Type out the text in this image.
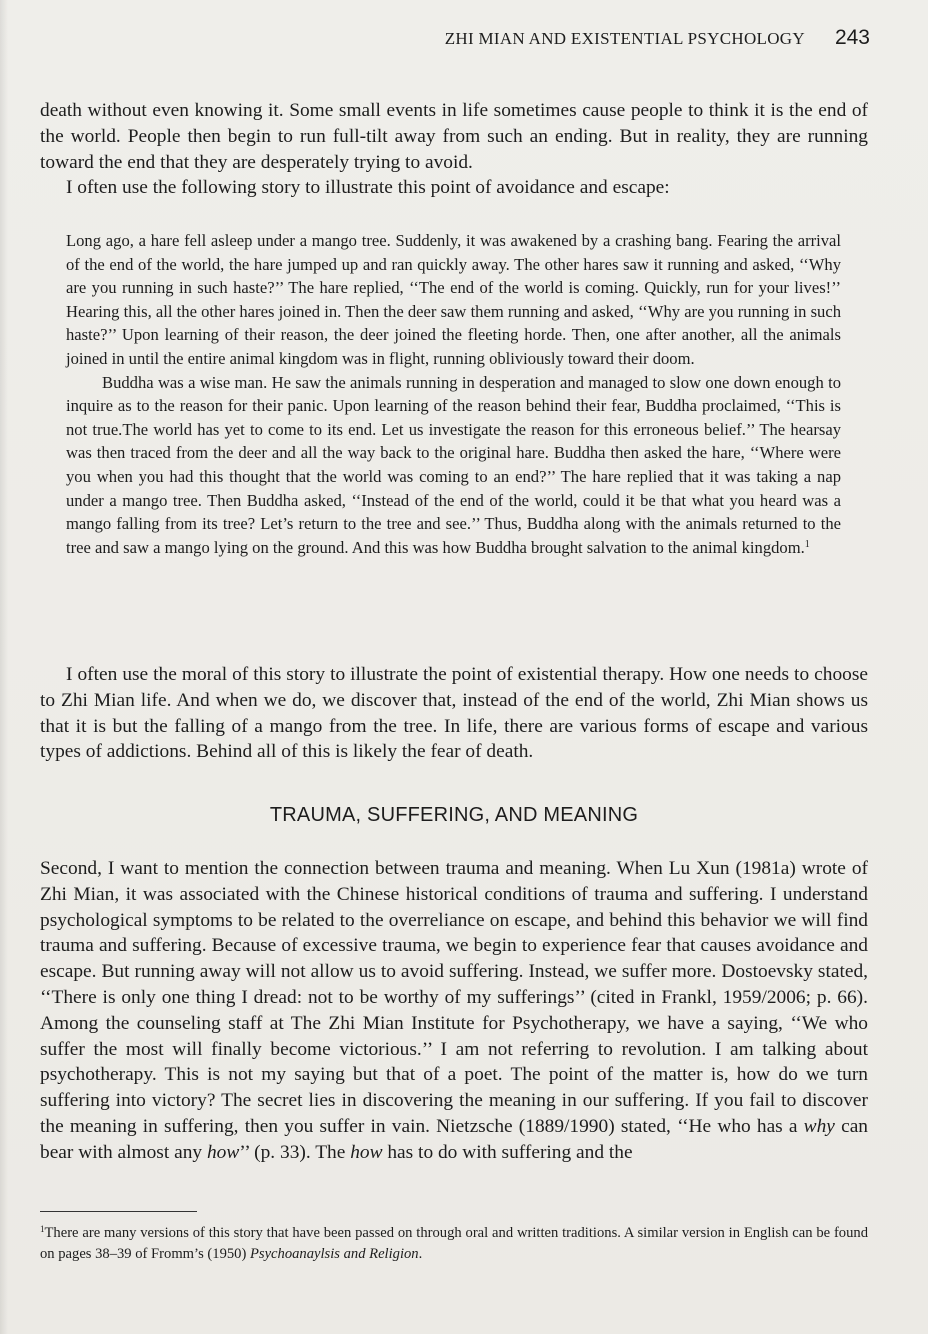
ZHI MIAN AND EXISTENTIAL PSYCHOLOGY 243

death without even knowing it. Some small events in life sometimes cause people to think it is the end of the world. People then begin to run full-tilt away from such an ending. But in reality, they are running toward the end that they are desperately trying to avoid.

I often use the following story to illustrate this point of avoidance and escape:

Long ago, a hare fell asleep under a mango tree. Suddenly, it was awakened by a crashing bang. Fearing the arrival of the end of the world, the hare jumped up and ran quickly away. The other hares saw it running and asked, ‘‘Why are you running in such haste?’’ The hare replied, ‘‘The end of the world is coming. Quickly, run for your lives!’’ Hearing this, all the other hares joined in. Then the deer saw them running and asked, ‘‘Why are you running in such haste?’’ Upon learning of their reason, the deer joined the fleeting horde. Then, one after another, all the animals joined in until the entire animal kingdom was in flight, running obliviously toward their doom.

Buddha was a wise man. He saw the animals running in desperation and managed to slow one down enough to inquire as to the reason for their panic. Upon learning of the reason behind their fear, Buddha proclaimed, ‘‘This is not true.The world has yet to come to its end. Let us investigate the reason for this erroneous belief.’’ The hearsay was then traced from the deer and all the way back to the original hare. Buddha then asked the hare, ‘‘Where were you when you had this thought that the world was coming to an end?’’ The hare replied that it was taking a nap under a mango tree. Then Buddha asked, ‘‘Instead of the end of the world, could it be that what you heard was a mango falling from its tree? Let’s return to the tree and see.’’ Thus, Buddha along with the animals returned to the tree and saw a mango lying on the ground. And this was how Buddha brought salvation to the animal kingdom.$^1$

I often use the moral of this story to illustrate the point of existential therapy. How one needs to choose to Zhi Mian life. And when we do, we discover that, instead of the end of the world, Zhi Mian shows us that it is but the falling of a mango from the tree. In life, there are various forms of escape and various types of addictions. Behind all of this is likely the fear of death.

TRAUMA, SUFFERING, AND MEANING

Second, I want to mention the connection between trauma and meaning. When Lu Xun (1981a) wrote of Zhi Mian, it was associated with the Chinese historical conditions of trauma and suffering. I understand psychological symptoms to be related to the overreliance on escape, and behind this behavior we will find trauma and suffering. Because of excessive trauma, we begin to experience fear that causes avoidance and escape. But running away will not allow us to avoid suffering. Instead, we suffer more. Dostoevsky stated, ‘‘There is only one thing I dread: not to be worthy of my sufferings’’ (cited in Frankl, 1959/2006; p. 66). Among the counseling staff at The Zhi Mian Institute for Psychotherapy, we have a saying, ‘‘We who suffer the most will finally become victorious.’’ I am not referring to revolution. I am talking about psychotherapy. This is not my saying but that of a poet. The point of the matter is, how do we turn suffering into victory? The secret lies in discovering the meaning in our suffering. If you fail to discover the meaning in suffering, then you suffer in vain. Nietzsche (1889/1990) stated, ‘‘He who has a why can bear with almost any how’’ (p. 33). The how has to do with suffering and the

$^1$There are many versions of this story that have been passed on through oral and written traditions. A similar version in English can be found on pages 38–39 of Fromm’s (1950) Psychoanaylsis and Religion.
